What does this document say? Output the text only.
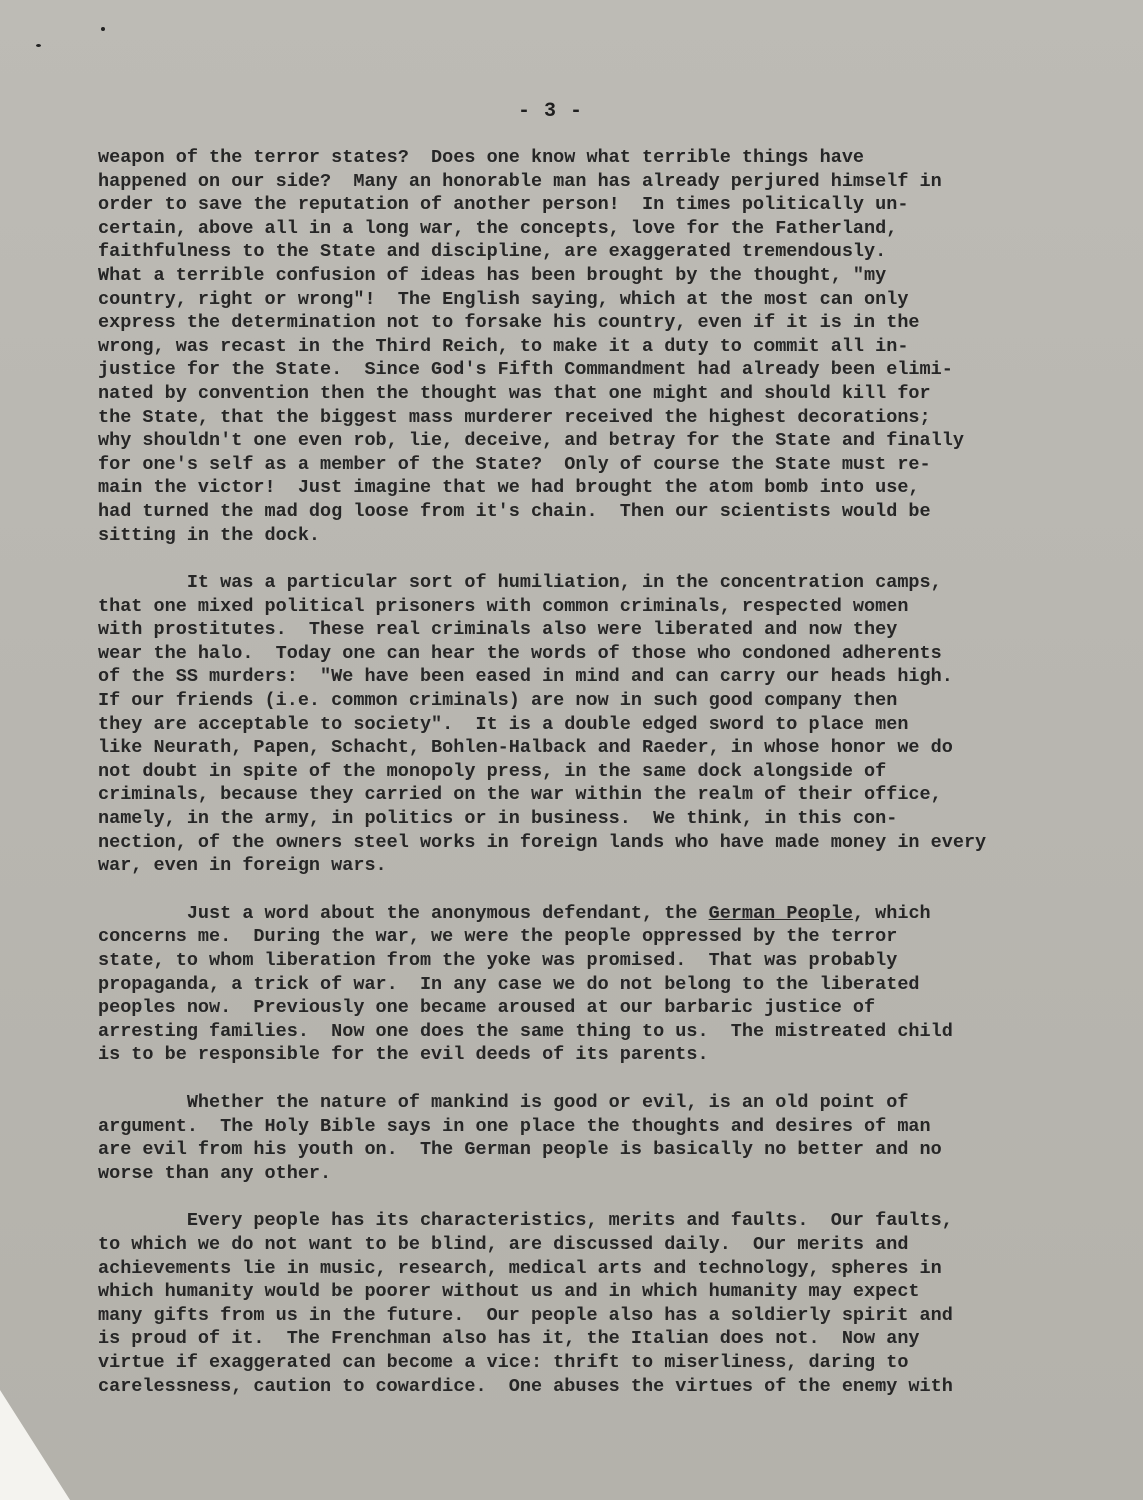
- 3 -
weapon of the terror states?  Does one know what terrible things have
happened on our side?  Many an honorable man has already perjured himself in
order to save the reputation of another person!  In times politically un-
certain, above all in a long war, the concepts, love for the Fatherland,
faithfulness to the State and discipline, are exaggerated tremendously.
What a terrible confusion of ideas has been brought by the thought, "my
country, right or wrong"!  The English saying, which at the most can only
express the determination not to forsake his country, even if it is in the
wrong, was recast in the Third Reich, to make it a duty to commit all in-
justice for the State.  Since God's Fifth Commandment had already been elimi-
nated by convention then the thought was that one might and should kill for
the State, that the biggest mass murderer received the highest decorations;
why shouldn't one even rob, lie, deceive, and betray for the State and finally
for one's self as a member of the State?  Only of course the State must re-
main the victor!  Just imagine that we had brought the atom bomb into use,
had turned the mad dog loose from it's chain.  Then our scientists would be
sitting in the dock.
It was a particular sort of humiliation, in the concentration camps,
that one mixed political prisoners with common criminals, respected women
with prostitutes.  These real criminals also were liberated and now they
wear the halo.  Today one can hear the words of those who condoned adherents
of the SS murders:  "We have been eased in mind and can carry our heads high.
If our friends (i.e. common criminals) are now in such good company then
they are acceptable to society".  It is a double edged sword to place men
like Neurath, Papen, Schacht, Bohlen-Halback and Raeder, in whose honor we do
not doubt in spite of the monopoly press, in the same dock alongside of
criminals, because they carried on the war within the realm of their office,
namely, in the army, in politics or in business.  We think, in this con-
nection, of the owners steel works in foreign lands who have made money in every
war, even in foreign wars.
Just a word about the anonymous defendant, the German People, which
concerns me.  During the war, we were the people oppressed by the terror
state, to whom liberation from the yoke was promised.  That was probably
propaganda, a trick of war.  In any case we do not belong to the liberated
peoples now.  Previously one became aroused at our barbaric justice of
arresting families.  Now one does the same thing to us.  The mistreated child
is to be responsible for the evil deeds of its parents.
Whether the nature of mankind is good or evil, is an old point of
argument.  The Holy Bible says in one place the thoughts and desires of man
are evil from his youth on.  The German people is basically no better and no
worse than any other.
Every people has its characteristics, merits and faults.  Our faults,
to which we do not want to be blind, are discussed daily.  Our merits and
achievements lie in music, research, medical arts and technology, spheres in
which humanity would be poorer without us and in which humanity may expect
many gifts from us in the future.  Our people also has a soldierly spirit and
is proud of it.  The Frenchman also has it, the Italian does not.  Now any
virtue if exaggerated can become a vice: thrift to miserliness, daring to
carelessness, caution to cowardice.  One abuses the virtues of the enemy with
